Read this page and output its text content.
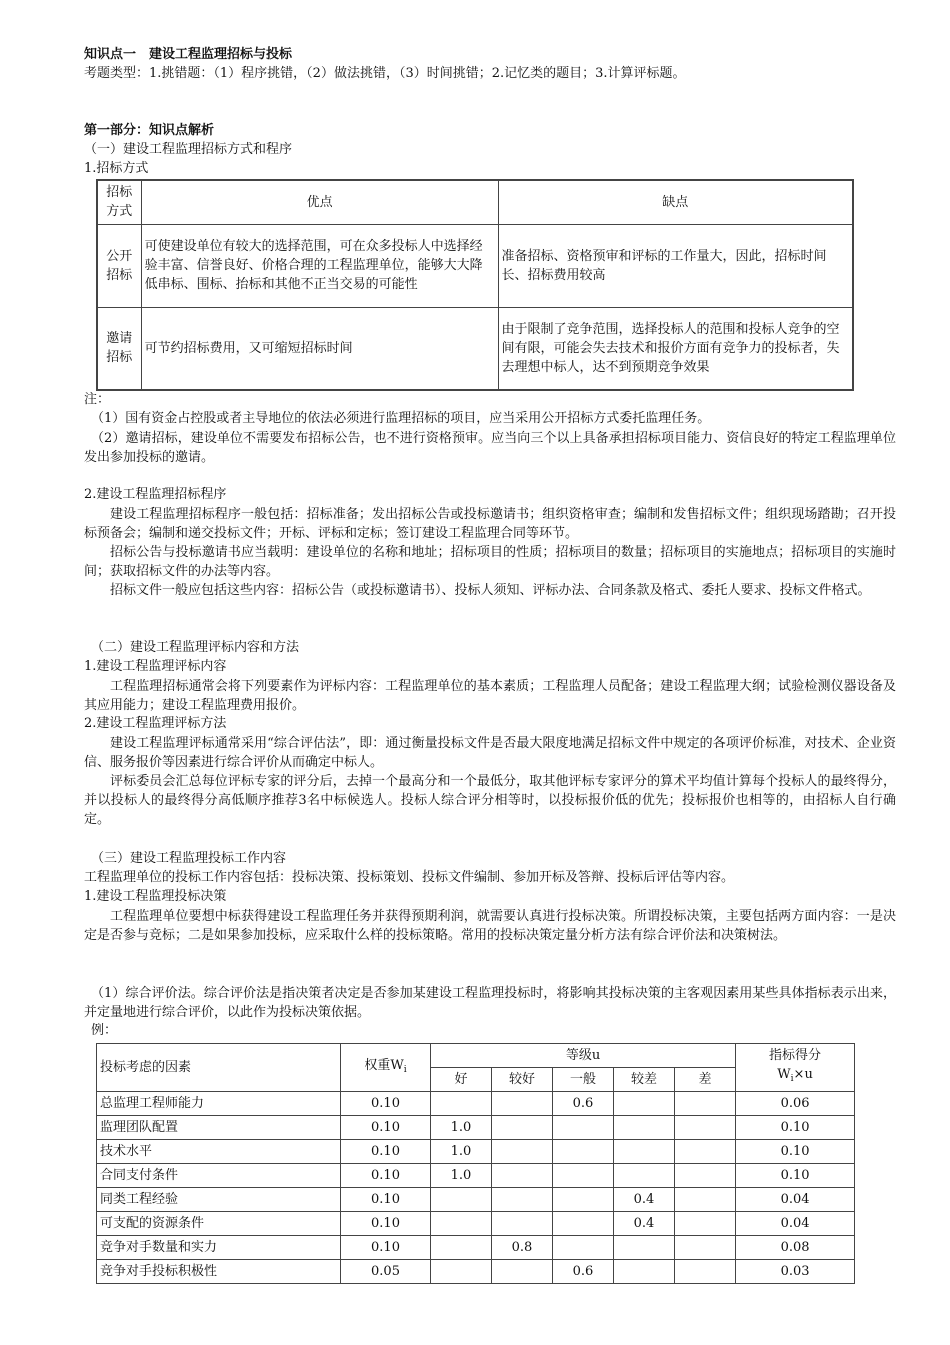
知识点一　建设工程监理招标与投标
考题类型：1.挑错题：（1）程序挑错，（2）做法挑错，（3）时间挑错；2.记忆类的题目；3.计算评标题。
第一部分：知识点解析
（一）建设工程监理招标方式和程序
1.招标方式
招标方式	优点	缺点
公开招标	可使建设单位有较大的选择范围，可在众多投标人中选择经验丰富、信誉良好、价格合理的工程监理单位，能够大大降低串标、围标、抬标和其他不正当交易的可能性	准备招标、资格预审和评标的工作量大，因此，招标时间长、招标费用较高
邀请招标	可节约招标费用，又可缩短招标时间	由于限制了竞争范围，选择投标人的范围和投标人竞争的空间有限，可能会失去技术和报价方面有竞争力的投标者，失去理想中标人，达不到预期竞争效果
注：
（1）国有资金占控股或者主导地位的依法必须进行监理招标的项目，应当采用公开招标方式委托监理任务。
（2）邀请招标，建设单位不需要发布招标公告，也不进行资格预审。应当向三个以上具备承担招标项目能力、资信良好的特定工程监理单位发出参加投标的邀请。
2.建设工程监理招标程序
建设工程监理招标程序一般包括：招标准备；发出招标公告或投标邀请书；组织资格审查；编制和发售招标文件；组织现场踏勘；召开投标预备会；编制和递交投标文件；开标、评标和定标；签订建设工程监理合同等环节。
招标公告与投标邀请书应当载明：建设单位的名称和地址；招标项目的性质；招标项目的数量；招标项目的实施地点；招标项目的实施时间；获取招标文件的办法等内容。
招标文件一般应包括这些内容：招标公告（或投标邀请书）、投标人须知、评标办法、合同条款及格式、委托人要求、投标文件格式。
（二）建设工程监理评标内容和方法
1.建设工程监理评标内容
工程监理招标通常会将下列要素作为评标内容：工程监理单位的基本素质；工程监理人员配备；建设工程监理大纲；试验检测仪器设备及其应用能力；建设工程监理费用报价。
2.建设工程监理评标方法
建设工程监理评标通常采用“综合评估法”，即：通过衡量投标文件是否最大限度地满足招标文件中规定的各项评价标准，对技术、企业资信、服务报价等因素进行综合评价从而确定中标人。
评标委员会汇总每位评标专家的评分后，去掉一个最高分和一个最低分，取其他评标专家评分的算术平均值计算每个投标人的最终得分，并以投标人的最终得分高低顺序推荐3名中标候选人。投标人综合评分相等时，以投标报价低的优先；投标报价也相等的，由招标人自行确定。
（三）建设工程监理投标工作内容
工程监理单位的投标工作内容包括：投标决策、投标策划、投标文件编制、参加开标及答辩、投标后评估等内容。
1.建设工程监理投标决策
工程监理单位要想中标获得建设工程监理任务并获得预期利润，就需要认真进行投标决策。所谓投标决策，主要包括两方面内容：一是决定是否参与竞标；二是如果参加投标，应采取什么样的投标策略。常用的投标决策定量分析方法有综合评价法和决策树法。
（1）综合评价法。综合评价法是指决策者决定是否参加某建设工程监理投标时，将影响其投标决策的主客观因素用某些具体指标表示出来，并定量地进行综合评价，以此作为投标决策依据。
例：
投标考虑的因素	权重$W_i$	等级u					指标得分
$W_i\times u$

		好	较好	一般	较差	差	
总监理工程师能力	0.10			0.6			0.06
监理团队配置	0.10	1.0					0.10
技术水平	0.10	1.0					0.10
合同支付条件	0.10	1.0					0.10
同类工程经验	0.10				0.4		0.04
可支配的资源条件	0.10				0.4		0.04
竞争对手数量和实力	0.10		0.8				0.08
竞争对手投标积极性	0.05			0.6			0.03
